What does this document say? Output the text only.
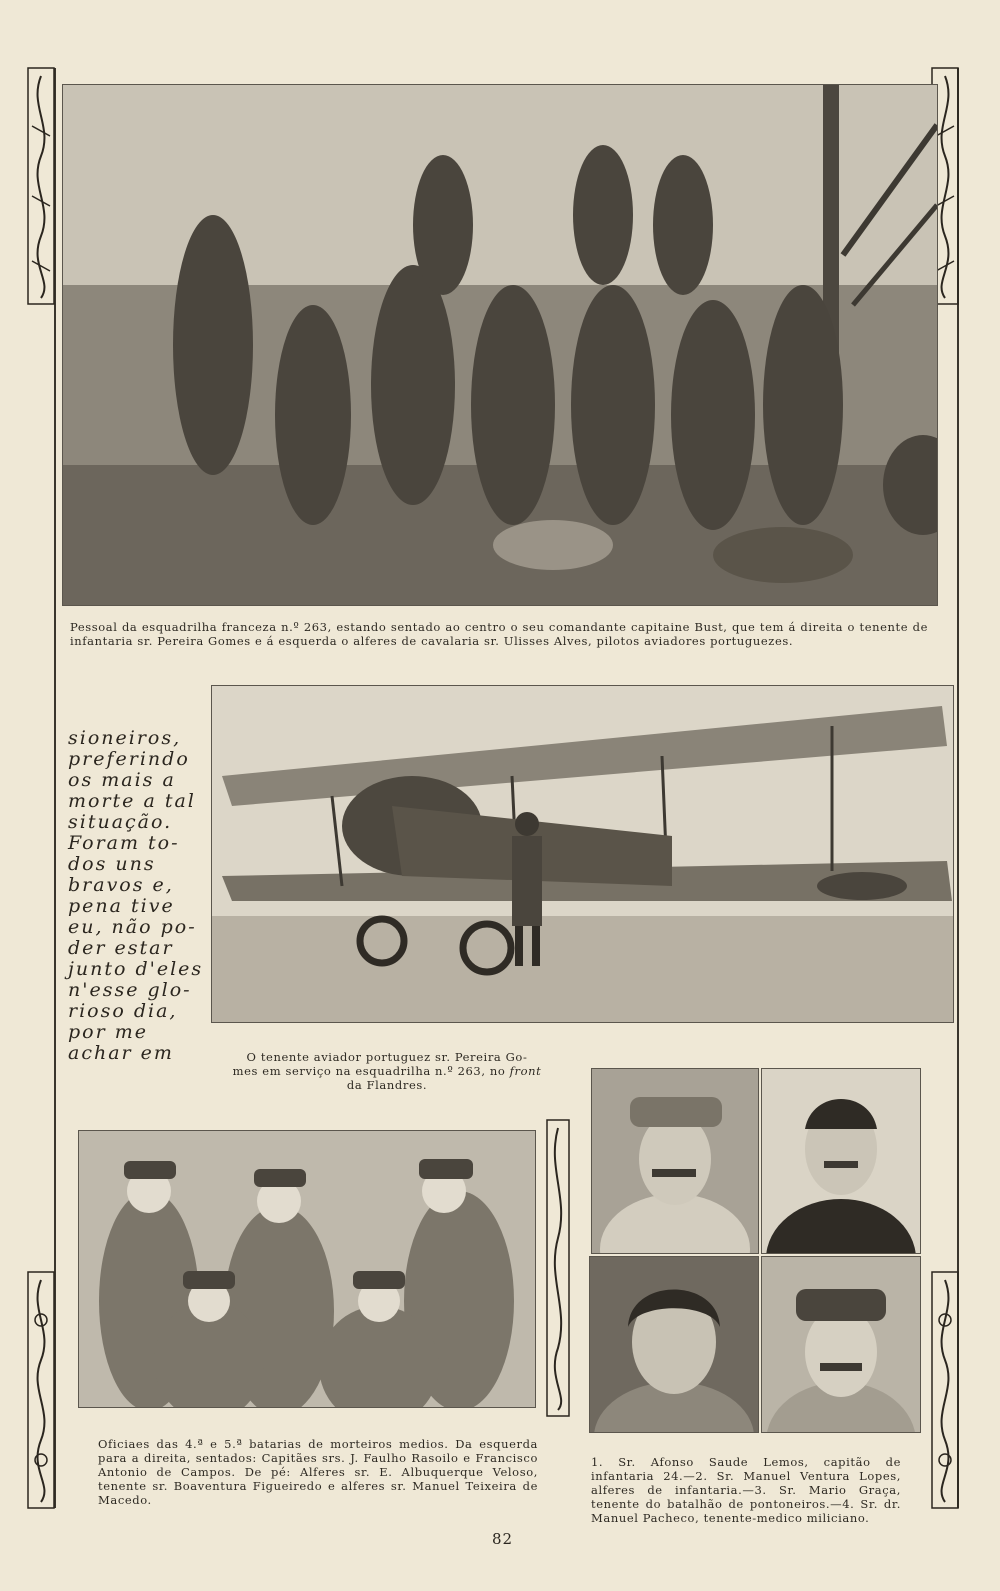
Pessoal da esquadrilha franceza n.º 263, estando sentado ao centro o seu comandante capitaine Bust, que tem á direita o tenente de infantaria sr. Pereira Gomes e á esquerda o alferes de cavalaria sr. Ulisses Alves, pilotos aviadores portuguezes.
sioneiros,
preferindo
os mais a
morte a tal
situação.
Foram to-
dos uns
bravos e,
pena tive
eu, não po-
der estar
junto d'eles
n'esse glo-
rioso dia,
por me
achar em	O tenente aviador portuguez sr. Pereira Go-
mes em serviço na esquadrilha n.º 263, no front
da Flandres.
Oficiaes das 4.ª e 5.ª batarias de morteiros medios. Da esquerda para a direita, sentados: Capitães srs. J. Faulho Rasoilo e Francisco Antonio de Campos. De pé: Alferes sr. E. Albuquerque Veloso, tenente sr. Boaventura Figueiredo e alferes sr. Manuel Teixeira de Macedo.
1. Sr. Afonso Saude Lemos, capitão de infantaria 24.—2. Sr. Manuel Ventura Lopes, alferes de infantaria.—3. Sr. Mario Graça, tenente do batalhão de pontoneiros.—4. Sr. dr. Manuel Pacheco, tenente-medico miliciano.
82
